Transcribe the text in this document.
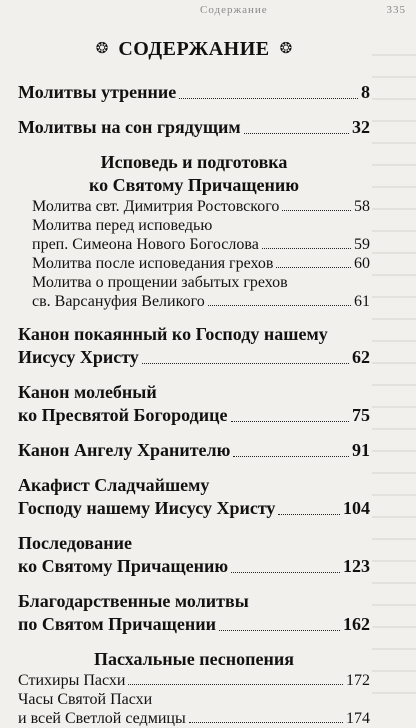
Содержание	335
❂ СОДЕРЖАНИЕ ❂
Молитвы утренние	8
Молитвы на сон грядущим	32
Исповедь и подготовка
ко Святому Причащению
Молитва свт. Димитрия Ростовского	58
Молитва перед исповедью
преп. Симеона Нового Богослова	59
Молитва после исповедания грехов	60
Молитва о прощении забытых грехов
св. Варсануфия Великого	61
Канон покаянный ко Господу нашему
Иисусу Христу	62
Канон молебный
ко Пресвятой Богородице	75
Канон Ангелу Хранителю	91
Акафист Сладчайшему
Господу нашему Иисусу Христу	104
Последование
ко Святому Причащению	123
Благодарственные молитвы
по Святом Причащении	162
Пасхальные песнопения
Стихиры Пасхи	172
Часы Святой Пасхи
и всей Светлой седмицы	174
